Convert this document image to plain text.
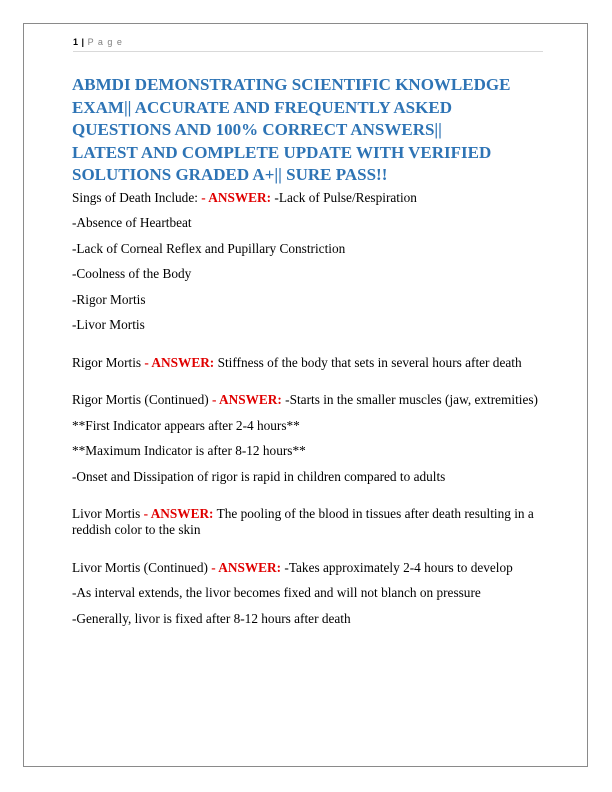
1 | P a g e
ABMDI DEMONSTRATING SCIENTIFIC KNOWLEDGE
EXAM|| ACCURATE AND FREQUENTLY ASKED
QUESTIONS AND 100% CORRECT ANSWERS||
LATEST AND COMPLETE UPDATE WITH VERIFIED
SOLUTIONS GRADED A+|| SURE PASS!!
Sings of Death Include: - ANSWER: -Lack of Pulse/Respiration
-Absence of Heartbeat
-Lack of Corneal Reflex and Pupillary Constriction
-Coolness of the Body
-Rigor Mortis
-Livor Mortis
Rigor Mortis - ANSWER: Stiffness of the body that sets in several hours after death
Rigor Mortis (Continued) - ANSWER: -Starts in the smaller muscles (jaw, extremities)
**First Indicator appears after 2-4 hours**
**Maximum Indicator is after 8-12 hours**
-Onset and Dissipation of rigor is rapid in children compared to adults
Livor Mortis - ANSWER: The pooling of the blood in tissues after death resulting in a reddish color to the skin
Livor Mortis (Continued) - ANSWER: -Takes approximately 2-4 hours to develop
-As interval extends, the livor becomes fixed and will not blanch on pressure
-Generally, livor is fixed after 8-12 hours after death
